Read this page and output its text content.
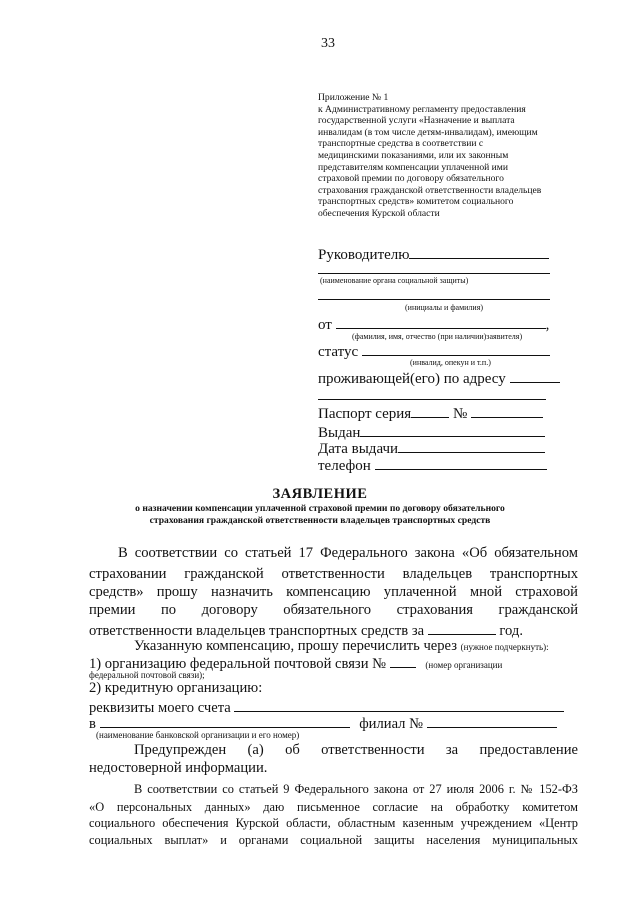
33
Приложение № 1
к Административному регламенту предоставления
государственной услуги «Назначение и выплата
инвалидам (в том числе детям-инвалидам), имеющим
транспортные средства в соответствии с
медицинскими показаниями, или их законным
представителям компенсации уплаченной ими
страховой премии по договору обязательного
страхования гражданской ответственности владельцев
транспортных средств» комитетом социального
обеспечения Курской области
Руководителю
(наименование органа социальной защиты)
(инициалы и фамилия)
от	,
(фамилия, имя, отчество (при наличии)заявителя)
статус
(инвалид, опекун и т.п.)
проживающей(его) по адресу
Паспорт серия	№
Выдан
Дата выдачи
телефон
ЗАЯВЛЕНИЕ
о назначении компенсации уплаченной страховой премии по договору обязательного
страхования гражданской ответственности владельцев транспортных средств
В соответствии со статьей 17 Федерального закона «Об обязательном
страховании гражданской ответственности владельцев транспортных
средств» прошу назначить компенсацию уплаченной мной страховой
премии по договору обязательного страхования гражданской
ответственности владельцев транспортных средств за	год.
Указанную компенсацию, прошу перечислить через (нужное подчеркнуть):
1) организацию федеральной почтовой связи №	(номер организации
федеральной почтовой связи);
2) кредитную организацию:
реквизиты моего счета
в	филиал №
(наименование банковской организации и его номер)
Предупрежден (а) об ответственности за предоставление
недостоверной информации.
В соответствии со статьей 9 Федерального закона от 27 июля 2006 г. № 152-ФЗ
«О персональных данных» даю письменное согласие на обработку комитетом
социального обеспечения Курской области, областным казенным учреждением «Центр
социальных выплат» и органами социальной защиты населения муниципальных
